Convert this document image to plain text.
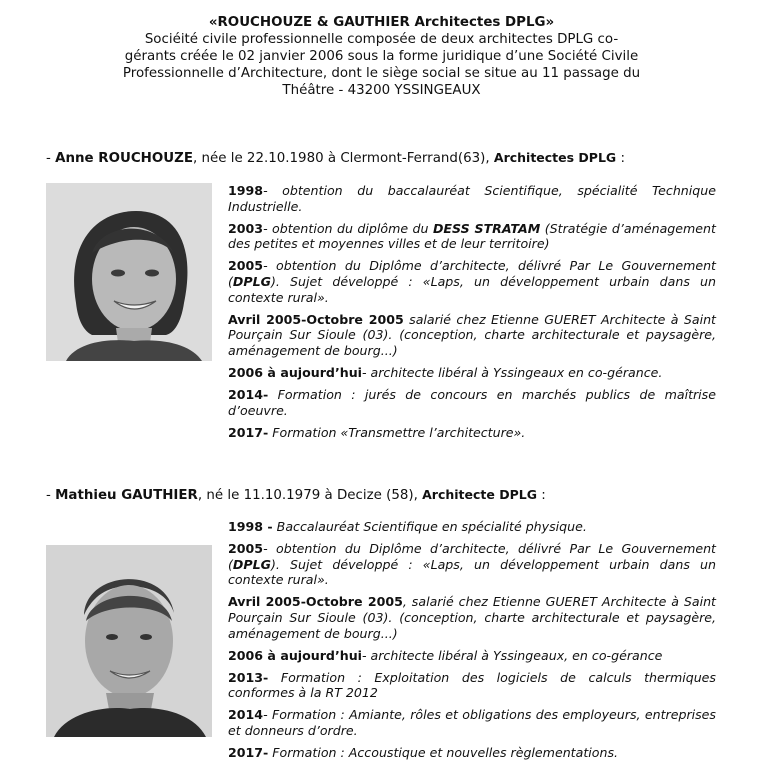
«ROUCHOUZE & GAUTHIER Architectes DPLG»
Sociéité civile professionnelle composée de deux architectes DPLG co-
gérants créée le 02 janvier 2006 sous la forme juridique d’une Société Civile
Professionnelle d’Architecture, dont le siège social se situe au 11 passage du
Théâtre - 43200 YSSINGEAUX
- Anne ROUCHOUZE, née le 22.10.1980 à Clermont-Ferrand(63), Architectes DPLG :
1998- obtention du baccalauréat Scientifique, spécialité Technique Industrielle.
2003- obtention du diplôme du DESS STRATAM (Stratégie d’aménagement des petites et moyennes villes et de leur territoire)
2005- obtention du Diplôme d’architecte, délivré Par Le Gouvernement (DPLG). Sujet développé : «Laps, un développement urbain dans un contexte rural».
Avril 2005-Octobre 2005 salarié chez Etienne GUERET Architecte à Saint Pourçain Sur Sioule (03). (conception, charte architecturale et paysagère, aménagement de bourg...)
2006 à aujourd’hui- architecte libéral à Yssingeaux en co-gérance.
2014- Formation : jurés de concours en marchés publics de maîtrise d’oeuvre.
2017- Formation «Transmettre l’architecture».
- Mathieu GAUTHIER, né le 11.10.1979 à Decize (58), Architecte DPLG :
1998 - Baccalauréat Scientifique en spécialité physique.
2005- obtention du Diplôme d’architecte, délivré Par Le Gouvernement (DPLG). Sujet développé : «Laps, un développement urbain dans un contexte rural».
Avril 2005-Octobre 2005, salarié chez Etienne GUERET Architecte à Saint Pourçain Sur Sioule (03). (conception, charte architecturale et paysagère, aménagement de bourg...)
2006 à aujourd’hui- architecte libéral à Yssingeaux, en co-gérance
2013- Formation : Exploitation des logiciels de calculs thermiques conformes à la RT 2012
2014- Formation : Amiante, rôles et obligations des employeurs, entreprises et donneurs d’ordre.
2017- Formation : Accoustique et nouvelles règlementations.
